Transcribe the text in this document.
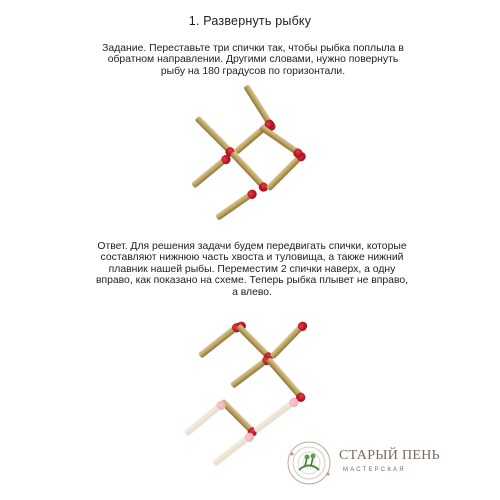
1. Развернуть рыбку

Задание. Переставьте три спички так, чтобы рыбка поплыла в обратном направлении. Другими словами, нужно повернуть рыбу на 180 градусов по горизонтали.

Ответ. Для решения задачи будем передвигать спички, которые составляют нижнюю часть хвоста и туловища, а также нижний плавник нашей рыбы. Переместим 2 спички наверх, а одну вправо, как показано на схеме. Теперь рыбка плывет не вправо, а влево.

СТАРЫЙ ПЕНЬ
МАСТЕРСКАЯ
